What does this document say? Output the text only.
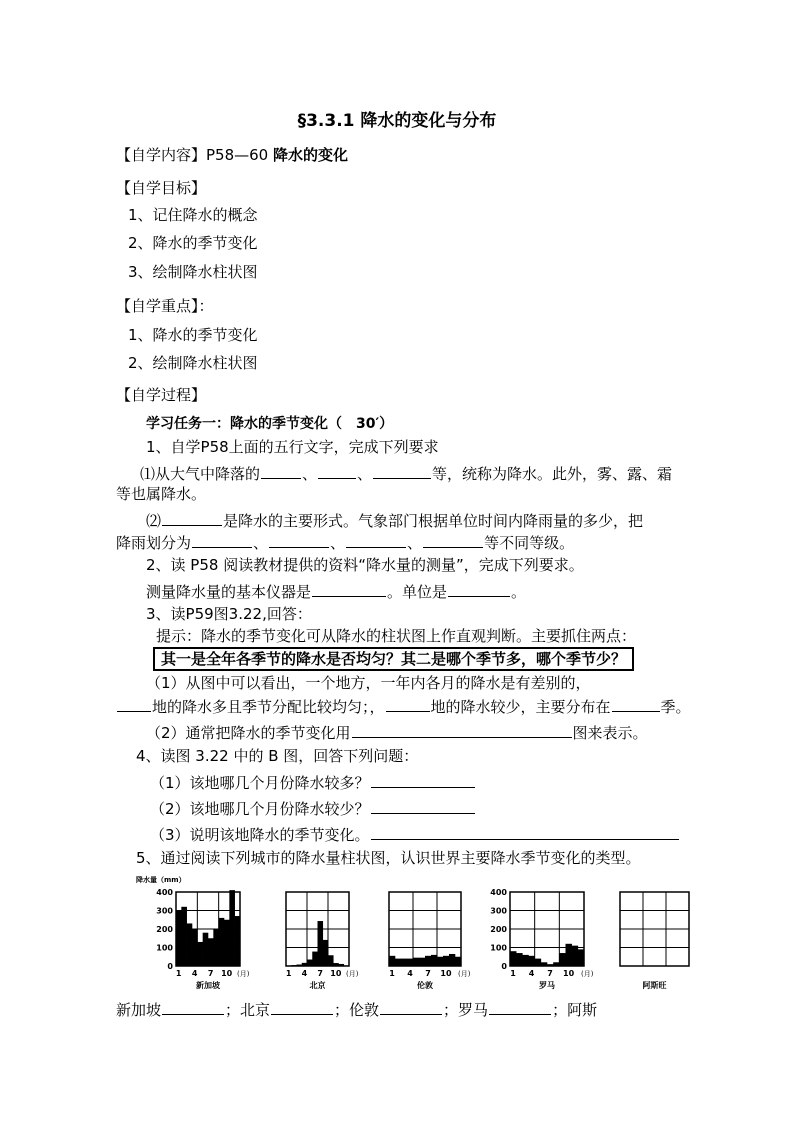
§3.3.1 降水的变化与分布
【自学内容】P58—60 降水的变化
【自学目标】
1、记住降水的概念
2、降水的季节变化
3、绘制降水柱状图
【自学重点】：
1、降水的季节变化
2、绘制降水柱状图
【自学过程】
学习任务一：降水的季节变化（　30′）
1、自学P58上面的五行文字，完成下列要求
⑴从大气中降落的	、	、	等，统称为降水。此外，雾、露、霜
等也属降水。
⑵	是降水的主要形式。气象部门根据单位时间内降雨量的多少，把
降雨划分为	、	、	、	等不同等级。
2、读 P58 阅读教材提供的资料“降水量的测量”，完成下列要求。
测量降水量的基本仪器是	。单位是	。
3、读P59图3.22,回答：
提示：降水的季节变化可从降水的柱状图上作直观判断。主要抓住两点：
其一是全年各季节的降水是否均匀？其二是哪个季节多，哪个季节少？
（1）从图中可以看出，一个地方，一年内各月的降水是有差别的，
地的降水多且季节分配比较均匀；，	地的降水较少，主要分布在	季。
（2）通常把降水的季节变化用	图来表示。
4、读图 3.22 中的 B 图，回答下列问题：
（1）该地哪几个月份降水较多？
（2）该地哪几个月份降水较少？
（3）说明该地降水的季节变化。
5、通过阅读下列城市的降水量柱状图，认识世界主要降水季节变化的类型。
降水量（mm）
400
300
200
100
0
1 4 7 10 (月)
新加坡
1 4 7 10 (月)
北京
1 4 7 10 (月)
伦敦
400
300
200
100
0
1 4 7 10 (月)
罗马	阿斯旺
新加坡	；北京	；伦敦	；罗马	；阿斯
